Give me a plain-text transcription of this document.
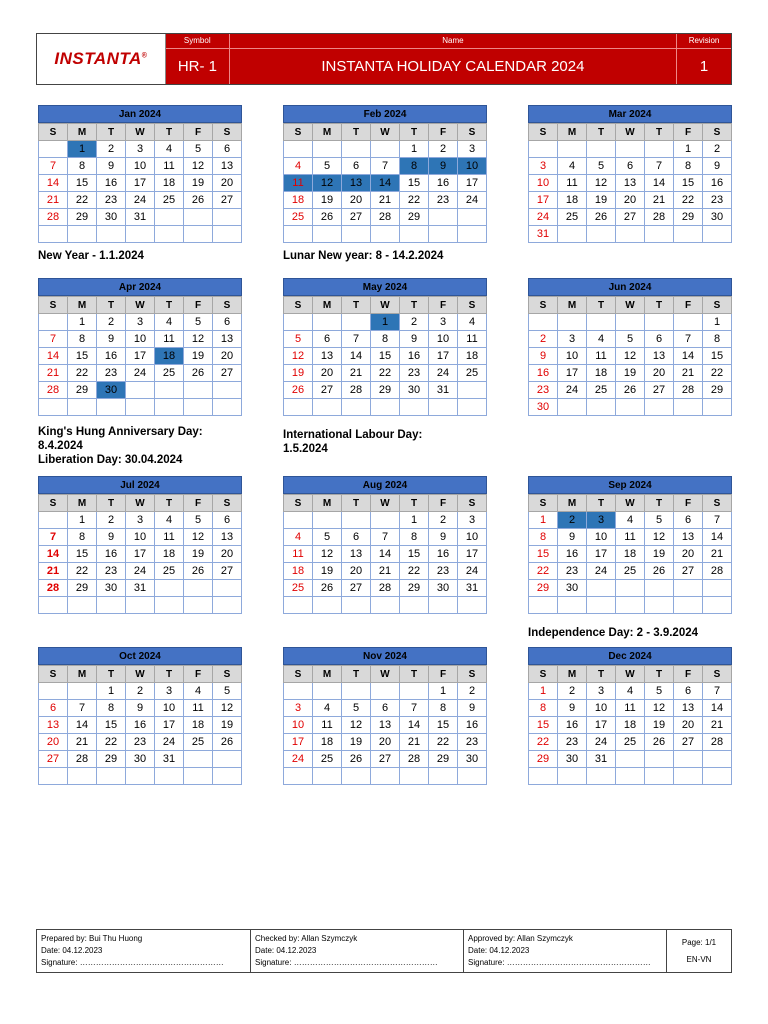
INSTANTA®
Symbol
HR- 1
Name
INSTANTA HOLIDAY CALENDAR 2024
Revision
1
Jan 2024
S	M	T	W	T	F	S
	1	2	3	4	5	6
7	8	9	10	11	12	13
14	15	16	17	18	19	20
21	22	23	24	25	26	27
28	29	30	31			

Feb 2024
S	M	T	W	T	F	S
				1	2	3
4	5	6	7	8	9	10
11	12	13	14	15	16	17
18	19	20	21	22	23	24
25	26	27	28	29		

Mar 2024
S	M	T	W	T	F	S
					1	2
3	4	5	6	7	8	9
10	11	12	13	14	15	16
17	18	19	20	21	22	23
24	25	26	27	28	29	30
31						
Apr 2024
S	M	T	W	T	F	S
	1	2	3	4	5	6
7	8	9	10	11	12	13
14	15	16	17	18	19	20
21	22	23	24	25	26	27
28	29	30				

May 2024
S	M	T	W	T	F	S
			1	2	3	4
5	6	7	8	9	10	11
12	13	14	15	16	17	18
19	20	21	22	23	24	25
26	27	28	29	30	31	

Jun 2024
S	M	T	W	T	F	S
						1
2	3	4	5	6	7	8
9	10	11	12	13	14	15
16	17	18	19	20	21	22
23	24	25	26	27	28	29
30						
Jul 2024
S	M	T	W	T	F	S
	1	2	3	4	5	6
7	8	9	10	11	12	13
14	15	16	17	18	19	20
21	22	23	24	25	26	27
28	29	30	31			

Aug 2024
S	M	T	W	T	F	S
				1	2	3
4	5	6	7	8	9	10
11	12	13	14	15	16	17
18	19	20	21	22	23	24
25	26	27	28	29	30	31

Sep 2024
S	M	T	W	T	F	S
1	2	3	4	5	6	7
8	9	10	11	12	13	14
15	16	17	18	19	20	21
22	23	24	25	26	27	28
29	30					

Oct 2024
S	M	T	W	T	F	S
		1	2	3	4	5
6	7	8	9	10	11	12
13	14	15	16	17	18	19
20	21	22	23	24	25	26
27	28	29	30	31		

Nov 2024
S	M	T	W	T	F	S
					1	2
3	4	5	6	7	8	9
10	11	12	13	14	15	16
17	18	19	20	21	22	23
24	25	26	27	28	29	30

Dec 2024
S	M	T	W	T	F	S
1	2	3	4	5	6	7
8	9	10	11	12	13	14
15	16	17	18	19	20	21
22	23	24	25	26	27	28
29	30	31				

New Year - 1.1.2024	Lunar New year: 8 - 14.2.2024
King's Hung Anniversary Day:
8.4.2024
Liberation Day: 30.04.2024
International Labour Day:
1.5.2024
Independence Day: 2 - 3.9.2024
Prepared by: Bui Thu Huong
Date: 04.12.2023
Signature: ………………………………………………
Checked by: Allan Szymczyk
Date: 04.12.2023
Signature: ………………………………………………
Approved by: Allan Szymczyk
Date: 04.12.2023
Signature: ………………………………………………
Page: 1/1
EN-VN
